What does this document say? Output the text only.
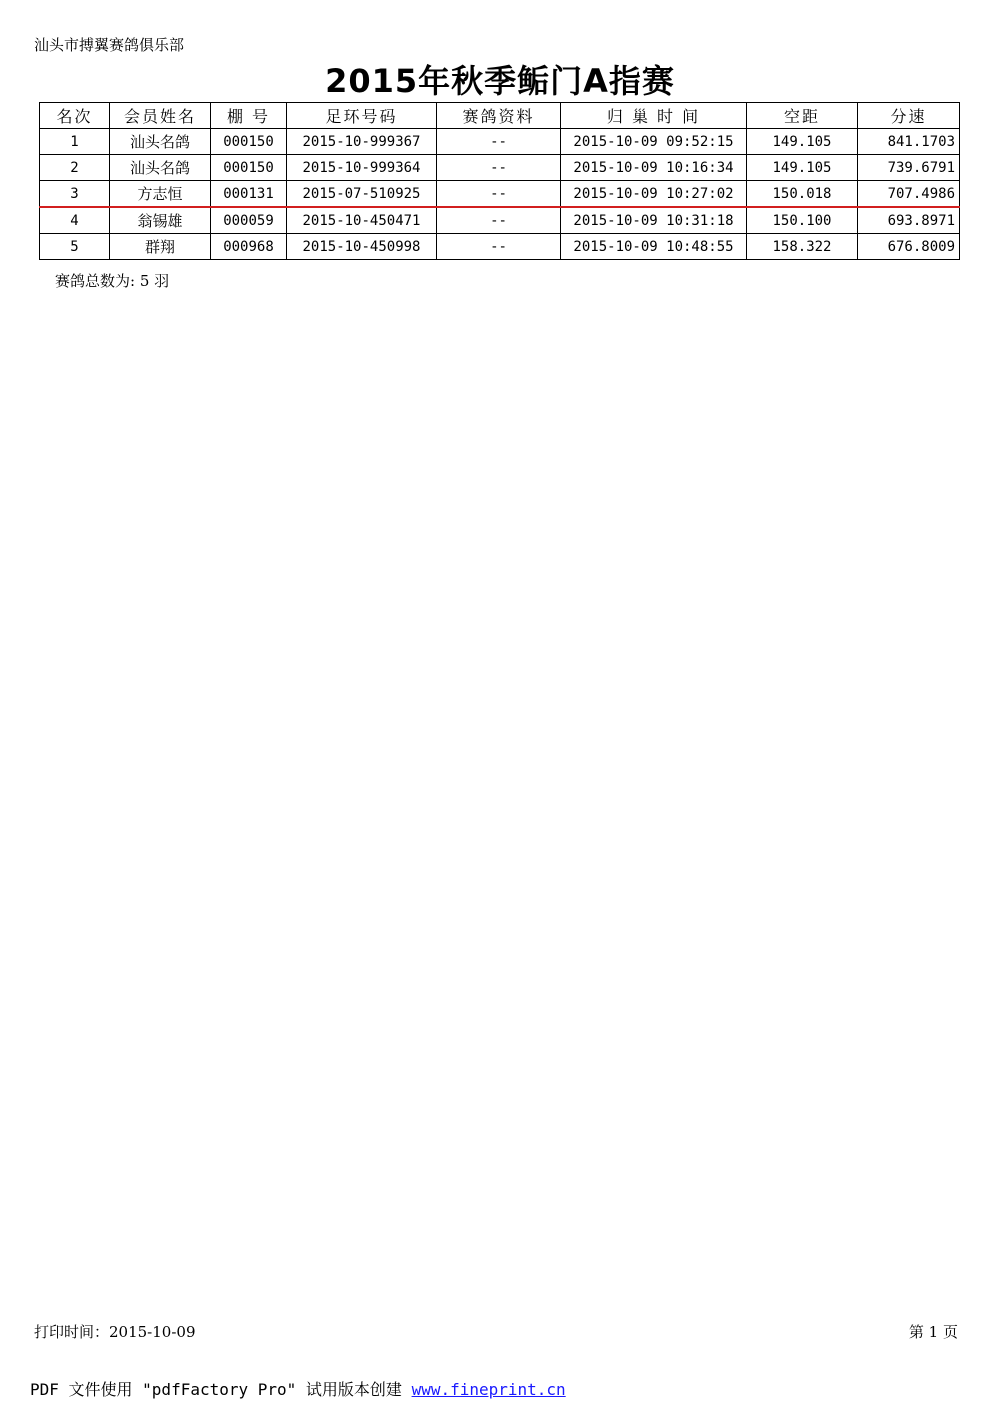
汕头市搏翼赛鸽俱乐部
2015年秋季鲘门A指赛
名次	会员姓名	棚 号	足环号码	赛鸽资料	归 巢 时 间	空距	分速
1	汕头名鸽	000150	2015-10-999367	--	2015-10-09 09:52:15	149.105	841.1703
2	汕头名鸽	000150	2015-10-999364	--	2015-10-09 10:16:34	149.105	739.6791
3	方志恒	000131	2015-07-510925	--	2015-10-09 10:27:02	150.018	707.4986
4	翁锡雄	000059	2015-10-450471	--	2015-10-09 10:31:18	150.100	693.8971
5	群翔	000968	2015-10-450998	--	2015-10-09 10:48:55	158.322	676.8009
赛鸽总数为: 5 羽
打印时间：2015-10-09	第 1 页
PDF 文件使用 "pdfFactory Pro" 试用版本创建 www.fineprint.cn
